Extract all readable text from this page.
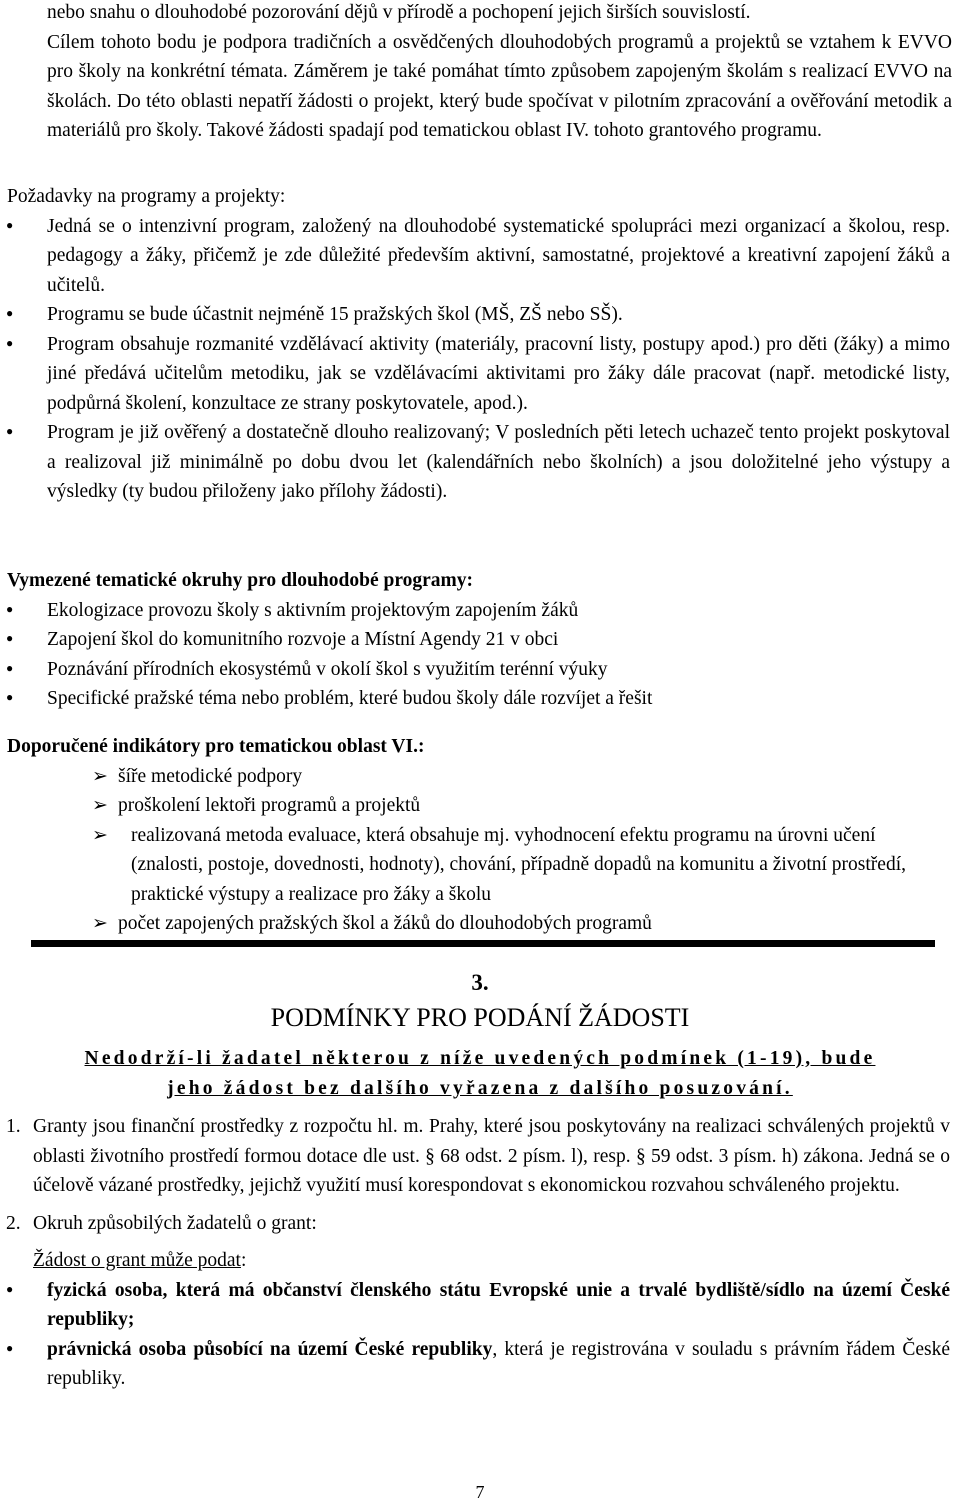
nebo snahu o dlouhodobé pozorování dějů v přírodě a pochopení jejich širších souvislostí.

Cílem tohoto bodu je podpora tradičních a osvědčených dlouhodobých programů a projektů se vztahem k EVVO pro školy na konkrétní témata. Záměrem je také pomáhat tímto způsobem zapojeným školám s realizací EVVO na školách. Do této oblasti nepatří žádosti o projekt, který bude spočívat v pilotním zpracování a ověřování metodik a materiálů pro školy. Takové žádosti spadají pod tematickou oblast IV. tohoto grantového programu.

Požadavky na programy a projekty:

●

Jedná se o intenzivní program, založený na dlouhodobé systematické spolupráci mezi organizací a školou, resp. pedagogy a žáky, přičemž je zde důležité především aktivní, samostatné, projektové a kreativní zapojení žáků a učitelů.

●

Programu se bude účastnit nejméně 15 pražských škol (MŠ, ZŠ nebo SŠ).

●

Program obsahuje rozmanité vzdělávací aktivity (materiály, pracovní listy, postupy apod.) pro děti (žáky) a mimo jiné předává učitelům metodiku, jak se vzdělávacími aktivitami pro žáky dále pracovat (např. metodické listy, podpůrná školení, konzultace ze strany poskytovatele, apod.).

●

Program je již ověřený a dostatečně dlouho realizovaný; V posledních pěti letech uchazeč tento projekt poskytoval a realizoval již minimálně po dobu dvou let (kalendářních nebo školních) a jsou doložitelné jeho výstupy a výsledky (ty budou přiloženy jako přílohy žádosti).

Vymezené tematické okruhy pro dlouhodobé programy:

●

Ekologizace provozu školy s aktivním projektovým zapojením žáků

●

Zapojení škol do komunitního rozvoje a Místní Agendy 21 v obci

●

Poznávání přírodních ekosystémů v okolí škol s využitím terénní výuky

●

Specifické pražské téma nebo problém, které budou školy dále rozvíjet a řešit

Doporučené indikátory pro tematickou oblast VI.:

➢ šíře metodické podpory

➢ proškolení lektoři programů a projektů

➢	realizovaná metoda evaluace, která obsahuje mj. vyhodnocení efektu programu na úrovni učení (znalosti, postoje, dovednosti, hodnoty), chování, případně dopadů na komunitu a životní prostředí, praktické výstupy a realizace pro žáky a školu

➢ počet zapojených pražských škol a žáků do dlouhodobých programů

3.
PODMÍNKY PRO PODÁNÍ ŽÁDOSTI
Nedodrží-li žadatel některou z níže uvedených podmínek (1-19), bude
jeho žádost bez dalšího vyřazena z dalšího posuzování.
1. Granty jsou finanční prostředky z rozpočtu hl. m. Prahy, které jsou poskytovány na realizaci schválených projektů v oblasti životního prostředí formou dotace dle ust. § 68 odst. 2 písm. l), resp. § 59 odst. 3 písm. h) zákona. Jedná se o účelově vázané prostředky, jejichž využití musí korespondovat s ekonomickou rozvahou schváleného projektu.

2. Okruh způsobilých žadatelů o grant:

Žádost o grant může podat:

●

fyzická osoba, která má občanství členského státu Evropské unie a trvalé bydliště/sídlo na území České republiky;

●

právnická osoba působící na území České republiky, která je registrována v souladu s právním řádem České republiky.

7
